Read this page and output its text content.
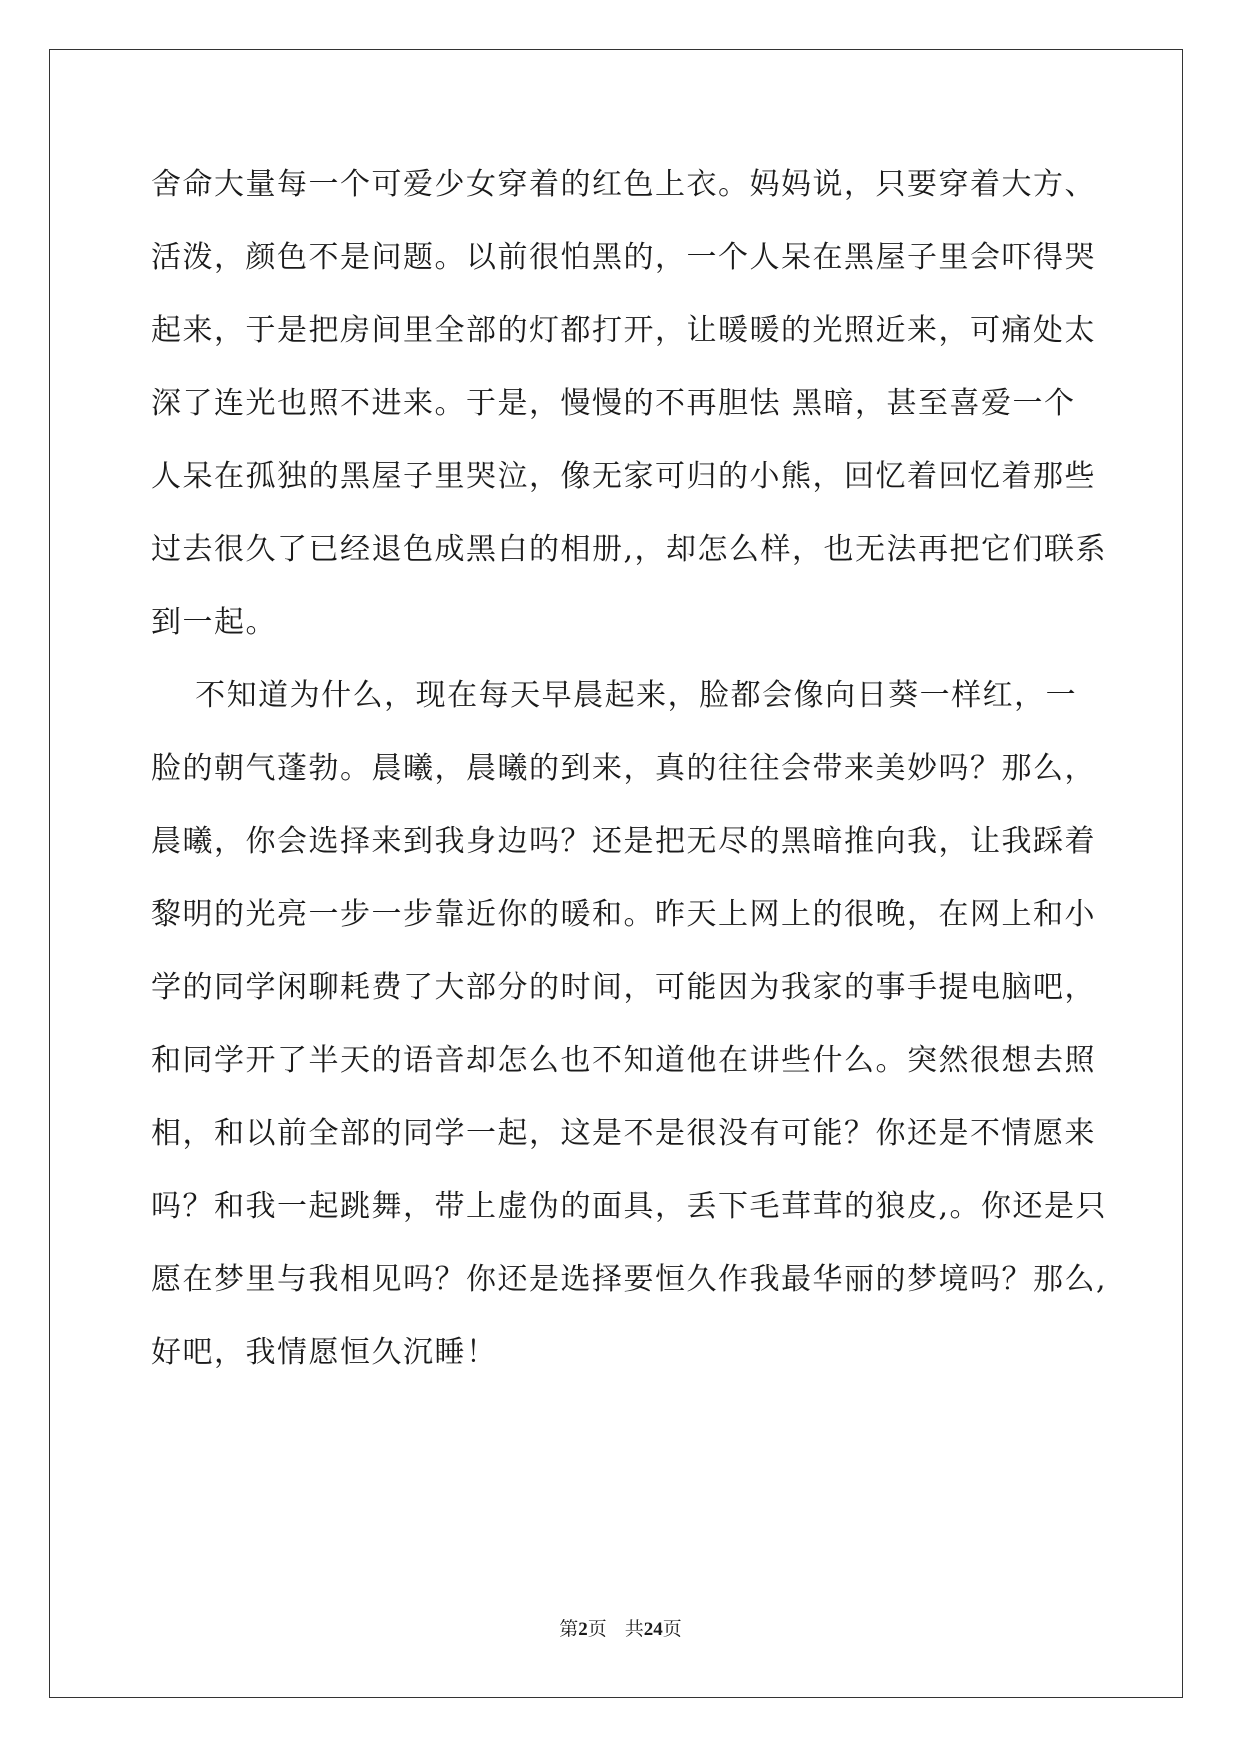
舍命大量每一个可爱少女穿着的红色上衣。妈妈说，只要穿着大方、
活泼，颜色不是问题。以前很怕黑的，一个人呆在黑屋子里会吓得哭
起来，于是把房间里全部的灯都打开，让暖暖的光照近来，可痛处太
深了连光也照不进来。于是，慢慢的不再胆怯 黑暗，甚至喜爱一个
人呆在孤独的黑屋子里哭泣，像无家可归的小熊，回忆着回忆着那些
过去很久了已经退色成黑白的相册,，却怎么样，也无法再把它们联系
到一起。
不知道为什么，现在每天早晨起来，脸都会像向日葵一样红，一
脸的朝气蓬勃。晨曦，晨曦的到来，真的往往会带来美妙吗？那么，
晨曦，你会选择来到我身边吗？还是把无尽的黑暗推向我，让我踩着
黎明的光亮一步一步靠近你的暖和。昨天上网上的很晚，在网上和小
学的同学闲聊耗费了大部分的时间，可能因为我家的事手提电脑吧，
和同学开了半天的语音却怎么也不知道他在讲些什么。突然很想去照
相，和以前全部的同学一起，这是不是很没有可能？你还是不情愿来
吗？和我一起跳舞，带上虚伪的面具，丢下毛茸茸的狼皮,。你还是只
愿在梦里与我相见吗？你还是选择要恒久作我最华丽的梦境吗？那么,
好吧，我情愿恒久沉睡！
第2页 共24页
